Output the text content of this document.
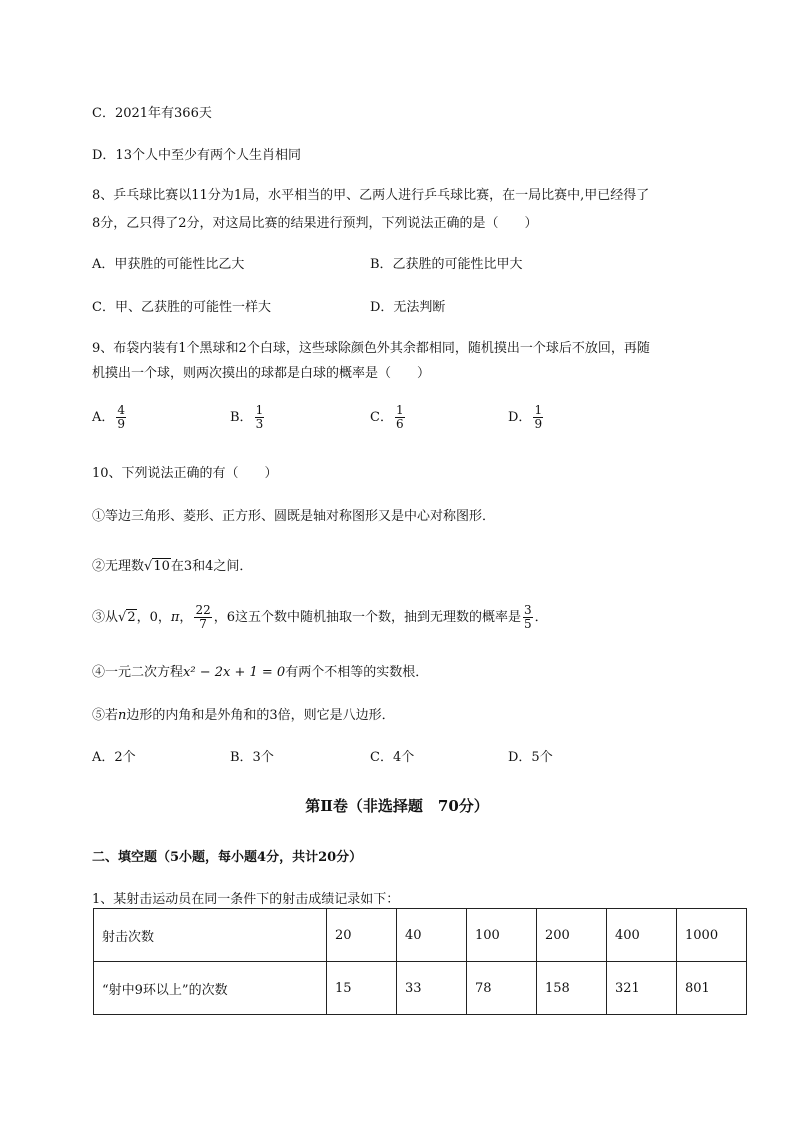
C．2021年有366天
D．13个人中至少有两个人生肖相同
8、乒乓球比赛以11分为1局，水平相当的甲、乙两人进行乒乓球比赛，在一局比赛中,甲已经得了
8分，乙只得了2分，对这局比赛的结果进行预判，下列说法正确的是（　　）
A．甲获胜的可能性比乙大	B．乙获胜的可能性比甲大
C．甲、乙获胜的可能性一样大	D．无法判断
9、布袋内装有1个黑球和2个白球，这些球除颜色外其余都相同，随机摸出一个球后不放回，再随
机摸出一个球，则两次摸出的球都是白球的概率是（　　）
A． $\frac{4}{9}$	B． $\frac{1}{3}$	C． $\frac{1}{6}$	D． $\frac{1}{9}$
10、下列说法正确的有（　　）
①等边三角形、菱形、正方形、圆既是轴对称图形又是中心对称图形．
②无理数√10在3和4之间．
③从√2，0，π， $\frac{22}{7}$ ，6这五个数中随机抽取一个数，抽到无理数的概率是 $\frac{3}{5}$ ．
④一元二次方程x² − 2x + 1 = 0有两个不相等的实数根．
⑤若n边形的内角和是外角和的3倍，则它是八边形．
A．2个	B．3个	C．4个	D．5个
第Ⅱ卷（非选择题　70分）
二、填空题（5小题，每小题4分，共计20分）
1、某射击运动员在同一条件下的射击成绩记录如下：
射击次数	20	40	100	200	400	1000
“射中9环以上”的次数	15	33	78	158	321	801
